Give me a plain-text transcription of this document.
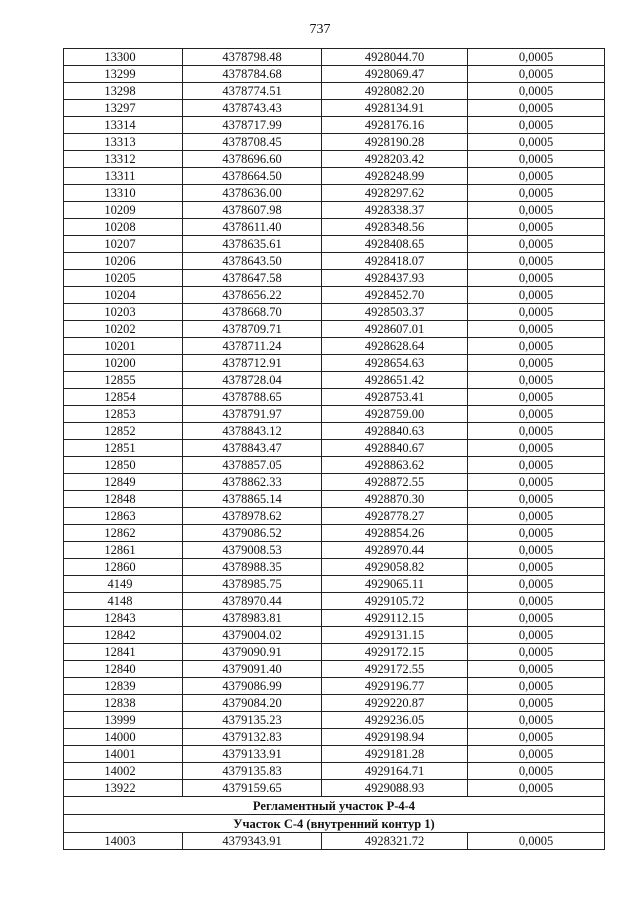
737
13300	4378798.48	4928044.70	0,0005
13299	4378784.68	4928069.47	0,0005
13298	4378774.51	4928082.20	0,0005
13297	4378743.43	4928134.91	0,0005
13314	4378717.99	4928176.16	0,0005
13313	4378708.45	4928190.28	0,0005
13312	4378696.60	4928203.42	0,0005
13311	4378664.50	4928248.99	0,0005
13310	4378636.00	4928297.62	0,0005
10209	4378607.98	4928338.37	0,0005
10208	4378611.40	4928348.56	0,0005
10207	4378635.61	4928408.65	0,0005
10206	4378643.50	4928418.07	0,0005
10205	4378647.58	4928437.93	0,0005
10204	4378656.22	4928452.70	0,0005
10203	4378668.70	4928503.37	0,0005
10202	4378709.71	4928607.01	0,0005
10201	4378711.24	4928628.64	0,0005
10200	4378712.91	4928654.63	0,0005
12855	4378728.04	4928651.42	0,0005
12854	4378788.65	4928753.41	0,0005
12853	4378791.97	4928759.00	0,0005
12852	4378843.12	4928840.63	0,0005
12851	4378843.47	4928840.67	0,0005
12850	4378857.05	4928863.62	0,0005
12849	4378862.33	4928872.55	0,0005
12848	4378865.14	4928870.30	0,0005
12863	4378978.62	4928778.27	0,0005
12862	4379086.52	4928854.26	0,0005
12861	4379008.53	4928970.44	0,0005
12860	4378988.35	4929058.82	0,0005
4149	4378985.75	4929065.11	0,0005
4148	4378970.44	4929105.72	0,0005
12843	4378983.81	4929112.15	0,0005
12842	4379004.02	4929131.15	0,0005
12841	4379090.91	4929172.15	0,0005
12840	4379091.40	4929172.55	0,0005
12839	4379086.99	4929196.77	0,0005
12838	4379084.20	4929220.87	0,0005
13999	4379135.23	4929236.05	0,0005
14000	4379132.83	4929198.94	0,0005
14001	4379133.91	4929181.28	0,0005
14002	4379135.83	4929164.71	0,0005
13922	4379159.65	4929088.93	0,0005
Регламентный участок Р-4-4			
Участок С-4 (внутренний контур 1)			
14003	4379343.91	4928321.72	0,0005
